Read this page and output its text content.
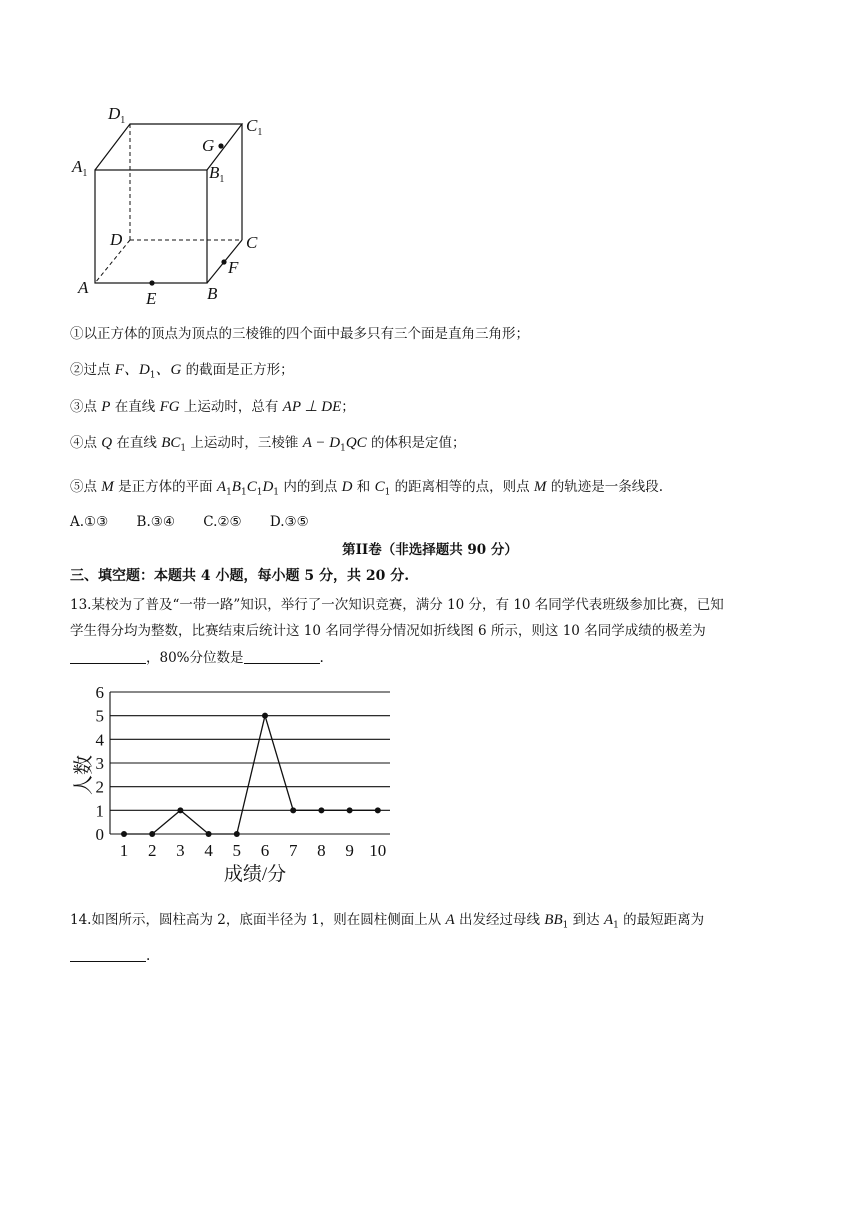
$D_1$	$C_1$
$A_1$	$B_1$
G
D	C
F
A
E	B
①以正方体的顶点为顶点的三棱锥的四个面中最多只有三个面是直角三角形；
②过点 F、$D_1$、G 的截面是正方形；
③点 P 在直线 FG 上运动时，总有 AP ⊥ DE；
④点 Q 在直线 $BC_1$ 上运动时，三棱锥 $A - D_1QC$ 的体积是定值；
⑤点 M 是正方体的平面 $A_1B_1C_1D_1$ 内的到点 D 和 $C_1$ 的距离相等的点，则点 M 的轨迹是一条线段.
A.①③ B.③④ C.②⑤ D.③⑤
第II卷（非选择题共 90 分）
三、填空题：本题共 4 小题，每小题 5 分，共 20 分.
13.某校为了普及“一带一路”知识，举行了一次知识竞赛，满分 10 分，有 10 名同学代表班级参加比赛，已知
学生得分均为整数，比赛结束后统计这 10 名同学得分情况如折线图 6 所示，则这 10 名同学成绩的极差为
，80%分位数是	.
0
1
2
3
4
5
6
1 2 3 4 5 6 7 8 9 10
人数
成绩/分
14.如图所示，圆柱高为 2，底面半径为 1，则在圆柱侧面上从 A 出发经过母线 $BB_1$ 到达 $A_1$ 的最短距离为
.
